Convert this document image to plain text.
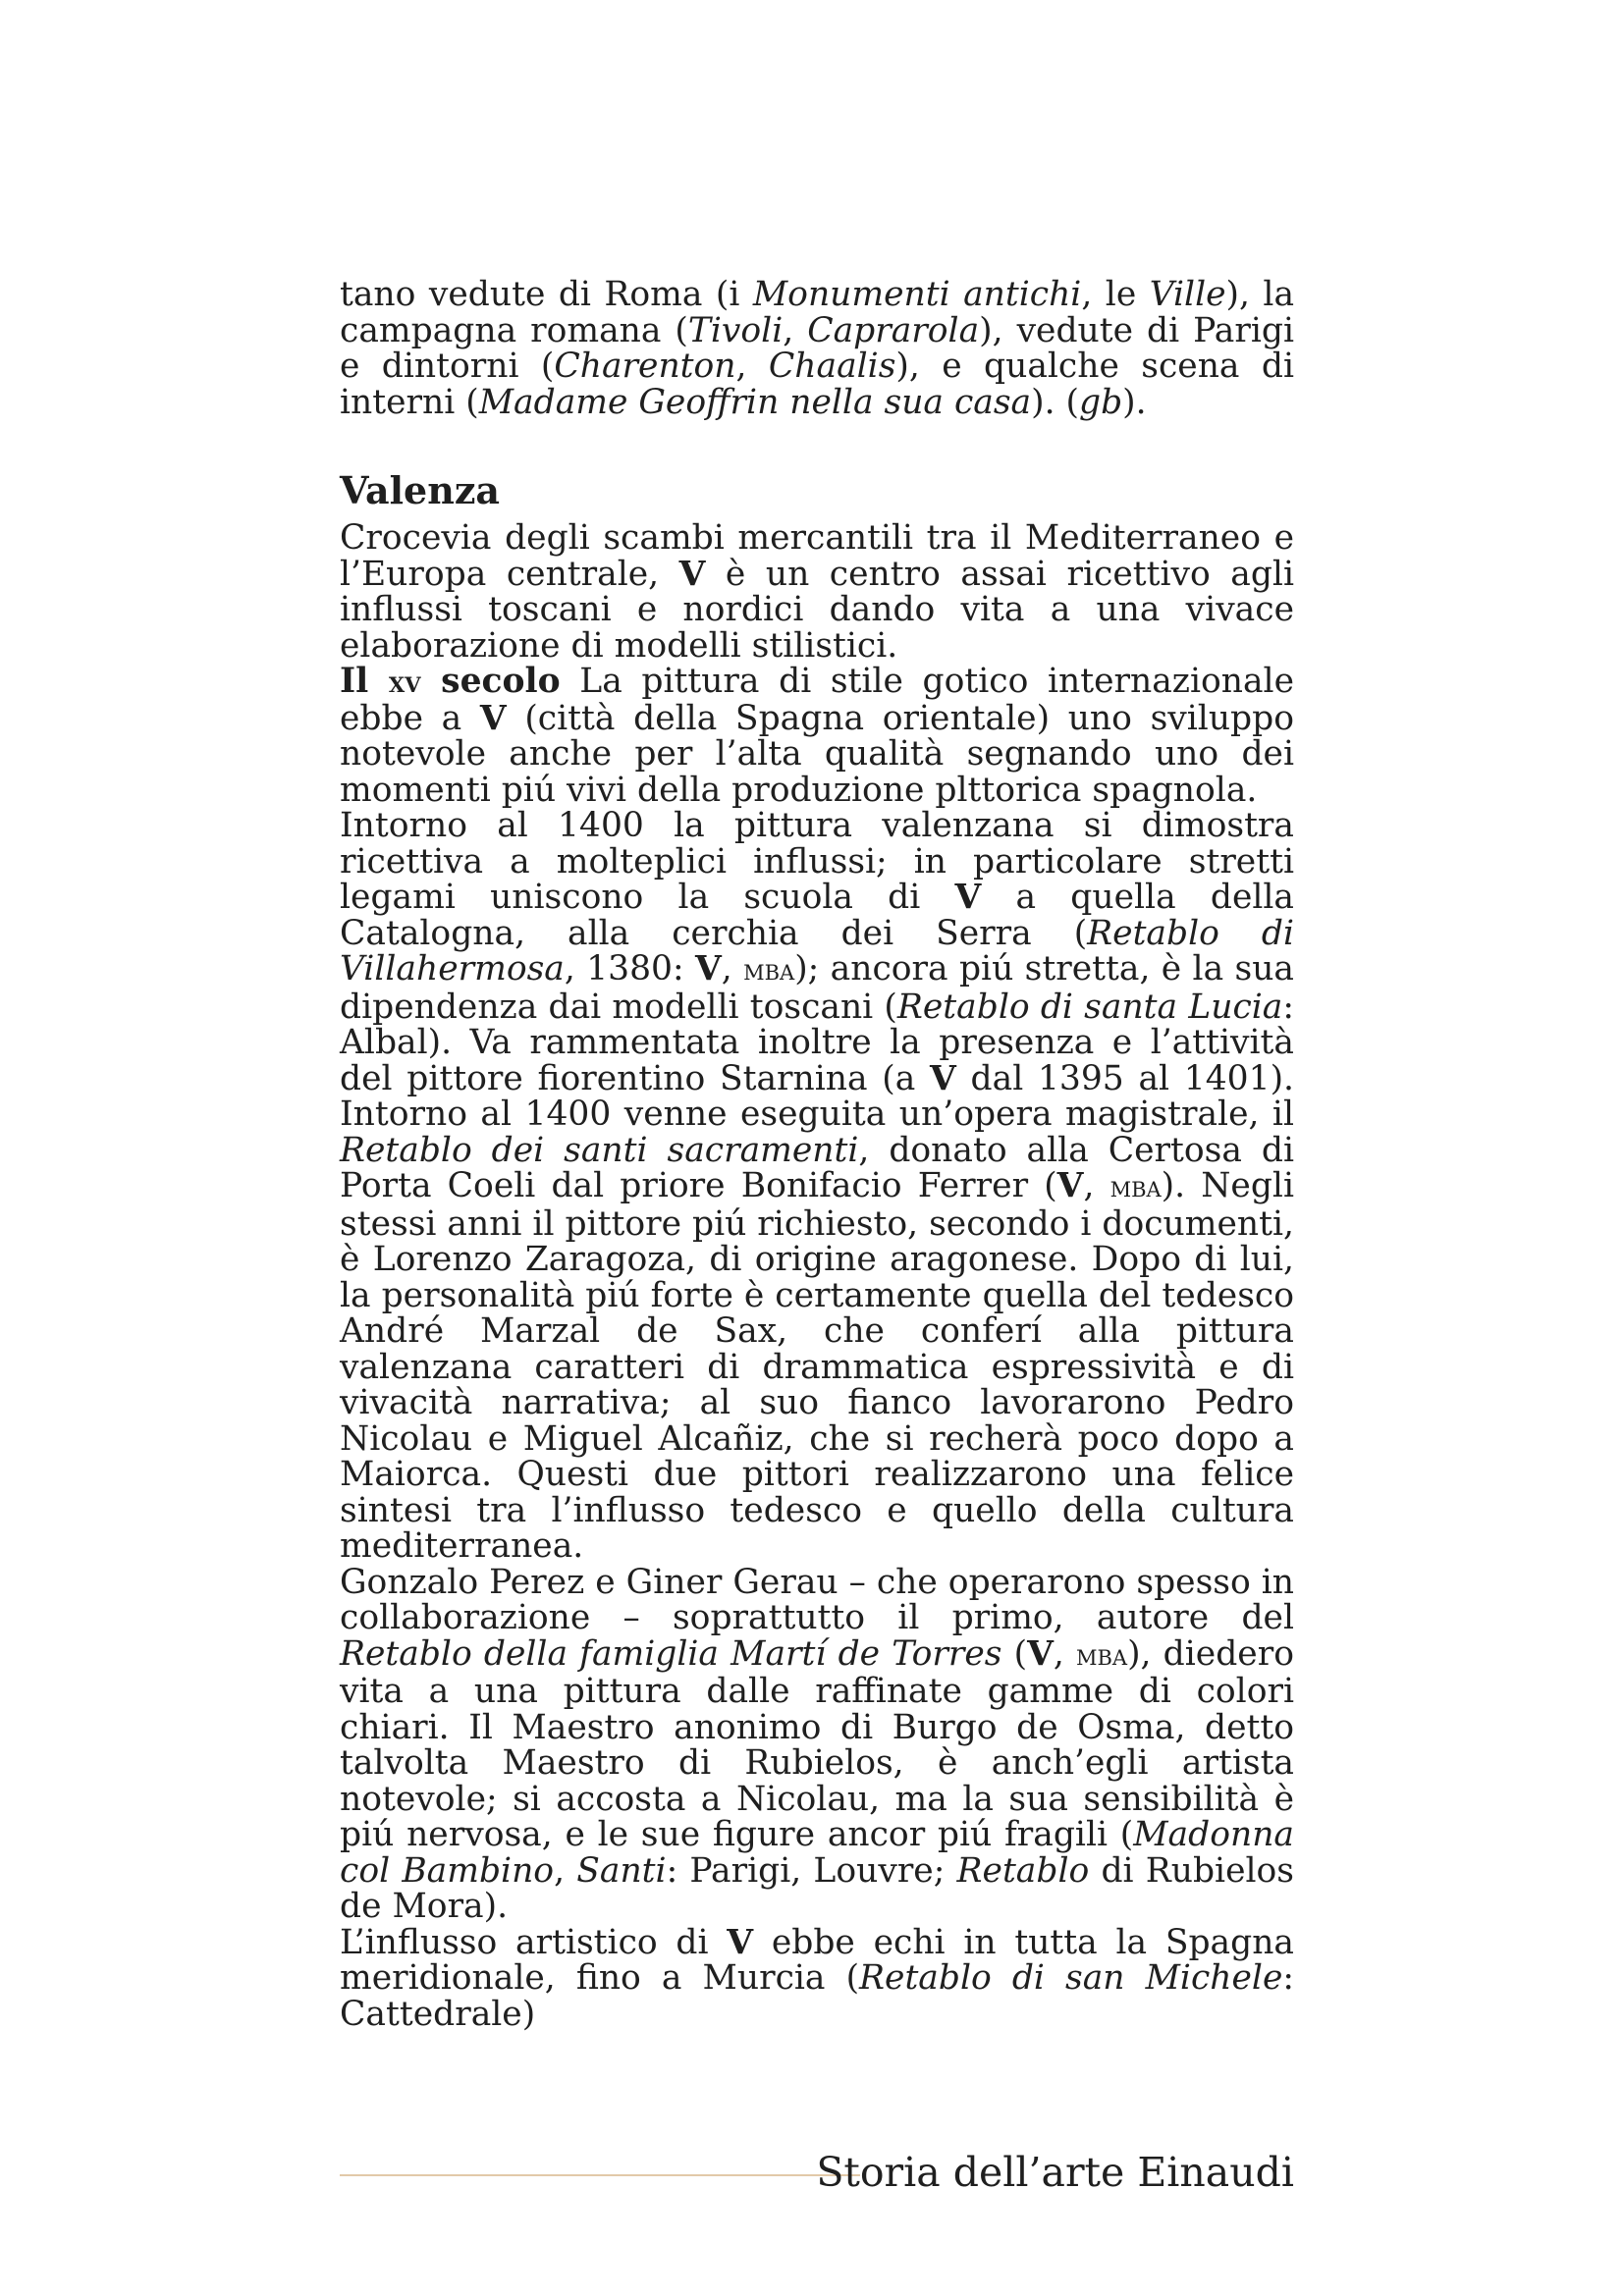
tano vedute di Roma (i Monumenti antichi, le Ville), la campagna romana (Tivoli, Caprarola), vedute di Parigi e dintorni (Charenton, Chaalis), e qualche scena di interni (Madame Geoffrin nella sua casa). (gb).

Valenza

Crocevia degli scambi mercantili tra il Mediterraneo e l’Europa centrale, V è un centro assai ricettivo agli influssi toscani e nordici dando vita a una vivace elaborazione di modelli stilistici.

Il xv secolo La pittura di stile gotico internazionale ebbe a V (città della Spagna orientale) uno sviluppo notevole anche per l’alta qualità segnando uno dei momenti piú vivi della produzione plttorica spagnola.

Intorno al 1400 la pittura valenzana si dimostra ricettiva a molteplici influssi; in particolare stretti legami uniscono la scuola di V a quella della Catalogna, alla cerchia dei Serra (Retablo di Villahermosa, 1380: V, mba); ancora piú stretta, è la sua dipendenza dai modelli toscani (Retablo di santa Lucia: Albal). Va rammentata inoltre la presenza e l’attività del pittore fiorentino Starnina (a V dal 1395 al 1401). Intorno al 1400 venne eseguita un’opera magistrale, il Retablo dei santi sacramenti, donato alla Certosa di Porta Coeli dal priore Bonifacio Ferrer (V, mba). Negli stessi anni il pittore piú richiesto, secondo i documenti, è Lorenzo Zaragoza, di origine aragonese. Dopo di lui, la personalità piú forte è certamente quella del tedesco André Marzal de Sax, che conferí alla pittura valenzana caratteri di drammatica espressività e di vivacità narrativa; al suo fianco lavorarono Pedro Nicolau e Miguel Alcañiz, che si recherà poco dopo a Maiorca. Questi due pittori realizzarono una felice sintesi tra l’influsso tedesco e quello della cultura mediterranea.

Gonzalo Perez e Giner Gerau – che operarono spesso in collaborazione – soprattutto il primo, autore del Retablo della famiglia Martí de Torres (V, mba), diedero vita a una pittura dalle raffinate gamme di colori chiari. Il Maestro anonimo di Burgo de Osma, detto talvolta Maestro di Rubielos, è anch’egli artista notevole; si accosta a Nicolau, ma la sua sensibilità è piú nervosa, e le sue figure ancor piú fragili (Madonna col Bambino, Santi: Parigi, Louvre; Retablo di Rubielos de Mora).

L’influsso artistico di V ebbe echi in tutta la Spagna meridionale, fino a Murcia (Retablo di san Michele: Cattedrale)

Storia dell’arte Einaudi
